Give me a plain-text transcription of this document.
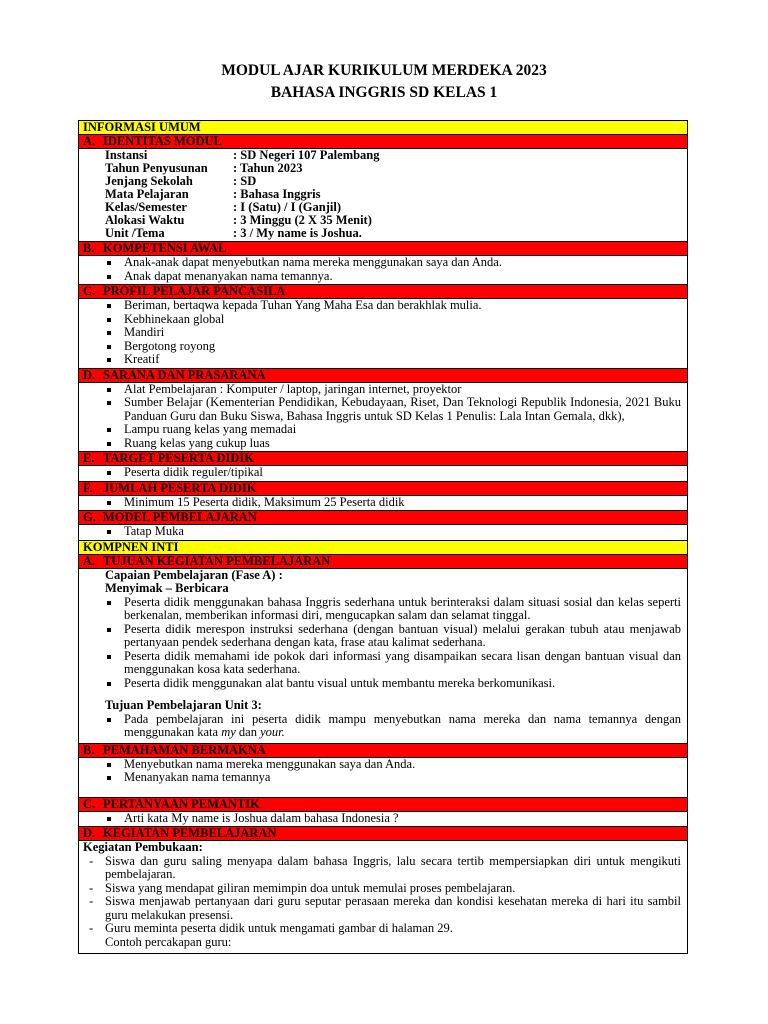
MODUL AJAR KURIKULUM MERDEKA 2023
BAHASA INGGRIS SD KELAS 1
INFORMASI UMUM
A. IDENTITAS MODUL
Instansi	: SD Negeri 107 Palembang
Tahun Penyusunan : Tahun 2023
Jenjang Sekolah	: SD
Mata Pelajaran	: Bahasa Inggris
Kelas/Semester	: I (Satu) / I (Ganjil)
Alokasi Waktu	: 3 Minggu (2 X 35 Menit)
Unit /Tema	: 3 / My name is Joshua.
B. KOMPETENSI AWAL
Anak-anak dapat menyebutkan nama mereka menggunakan saya dan Anda.
Anak dapat menanyakan nama temannya.
C. PROFIL PELAJAR PANCASILA
Beriman, bertaqwa kepada Tuhan Yang Maha Esa dan berakhlak mulia.
Kebhinekaan global
Mandiri
Bergotong royong
Kreatif
D. SARANA DAN PRASARANA
Alat Pembelajaran : Komputer / laptop, jaringan internet, proyektor
Sumber Belajar (Kementerian Pendidikan, Kebudayaan, Riset, Dan Teknologi Republik Indonesia, 2021 Buku Panduan Guru dan Buku Siswa, Bahasa Inggris untuk SD Kelas 1 Penulis: Lala Intan Gemala, dkk),
Lampu ruang kelas yang memadai
Ruang kelas yang cukup luas
E. TARGET PESERTA DIDIK
Peserta didik reguler/tipikal
F. JUMLAH PESERTA DIDIK
Minimum 15 Peserta didik, Maksimum 25 Peserta didik
G. MODEL PEMBELAJARAN
Tatap Muka
KOMPNEN INTI
A. TUJUAN KEGIATAN PEMBELAJARAN
Capaian Pembelajaran (Fase A) :
Menyimak – Berbicara
Peserta didik menggunakan bahasa Inggris sederhana untuk berinteraksi dalam situasi sosial dan kelas seperti berkenalan, memberikan informasi diri, mengucapkan salam dan selamat tinggal.
Peserta didik merespon instruksi sederhana (dengan bantuan visual) melalui gerakan tubuh atau menjawab pertanyaan pendek sederhana dengan kata, frase atau kalimat sederhana.
Peserta didik memahami ide pokok dari informasi yang disampaikan secara lisan dengan bantuan visual dan menggunakan kosa kata sederhana.
Peserta didik menggunakan alat bantu visual untuk membantu mereka berkomunikasi.
Tujuan Pembelajaran Unit 3:
Pada pembelajaran ini peserta didik mampu menyebutkan nama mereka dan nama temannya dengan menggunakan kata my dan your.
B. PEMAHAMAN BERMAKNA
Menyebutkan nama mereka menggunakan saya dan Anda.
Menanyakan nama temannya
C. PERTANYAAN PEMANTIK
Arti kata My name is Joshua dalam bahasa Indonesia ?
D. KEGIATAN PEMBELAJARAN
Kegiatan Pembukaan:
- Siswa dan guru saling menyapa dalam bahasa Inggris, lalu secara tertib mempersiapkan diri untuk mengikuti pembelajaran.
- Siswa yang mendapat giliran memimpin doa untuk memulai proses pembelajaran.
- Siswa menjawab pertanyaan dari guru seputar perasaan mereka dan kondisi kesehatan mereka di hari itu sambil guru melakukan presensi.
- Guru meminta peserta didik untuk mengamati gambar di halaman 29.
Contoh percakapan guru:
